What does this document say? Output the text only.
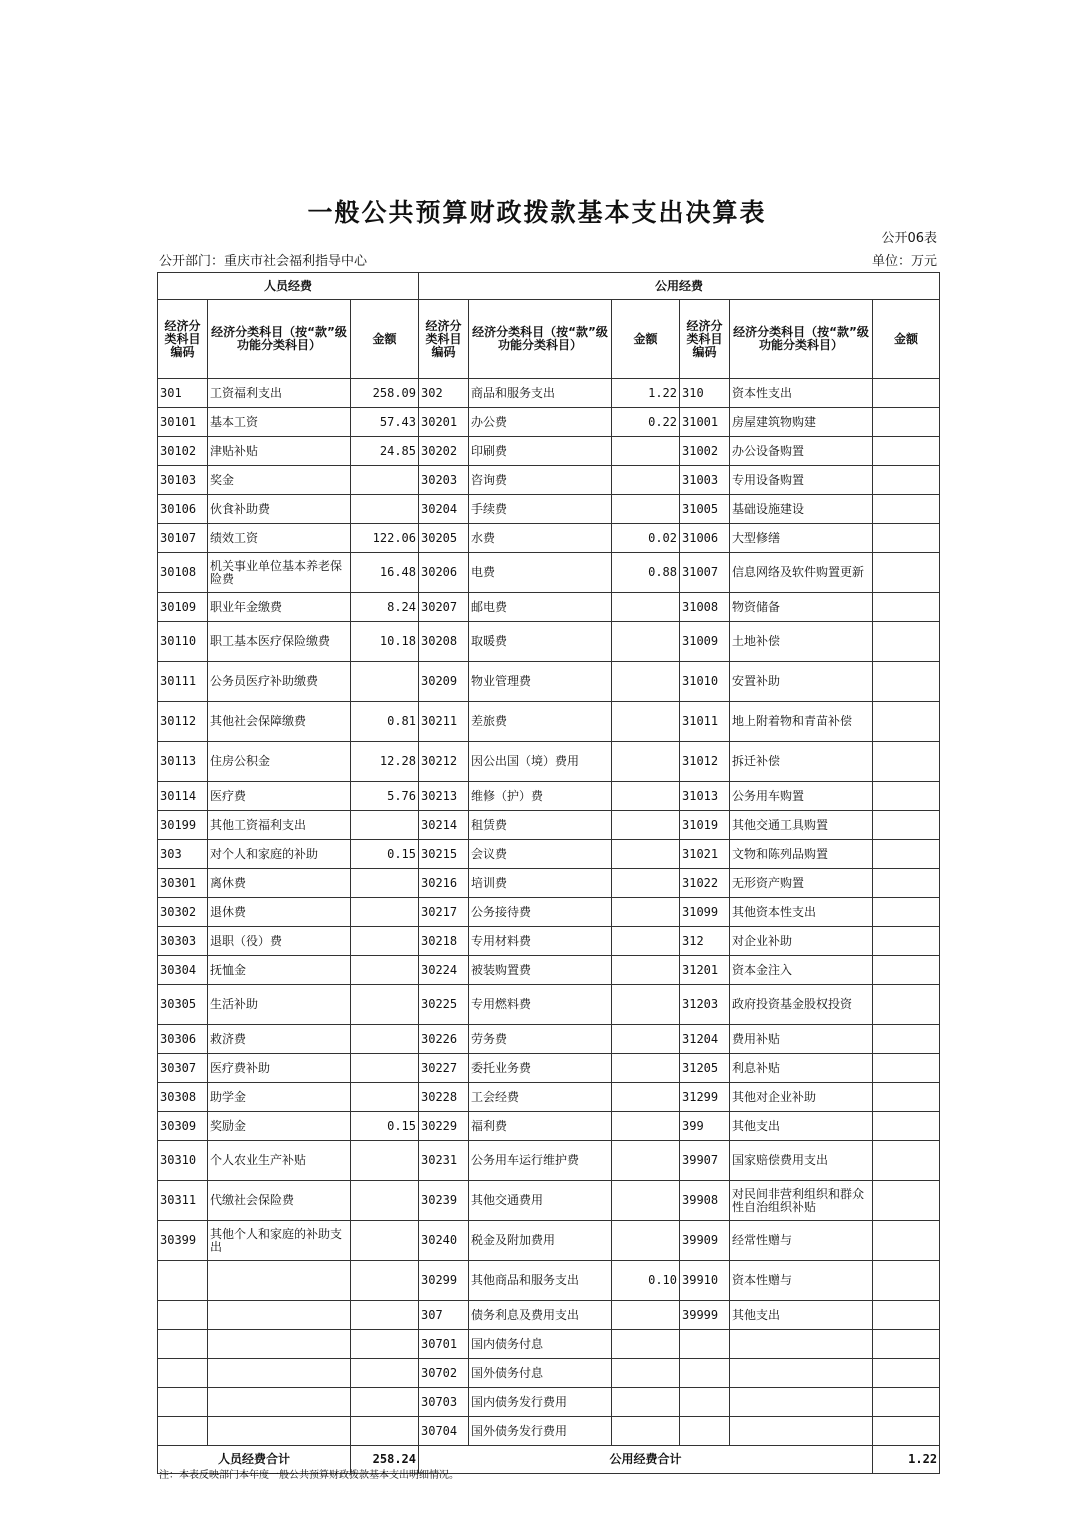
一般公共预算财政拨款基本支出决算表
公开06表
公开部门：重庆市社会福利指导中心	单位：万元
人员经费			公用经费					
经济分类科目编码	经济分类科目（按“款”级功能分类科目）	金额	经济分类科目编码	经济分类科目（按“款”级功能分类科目）	金额	经济分类科目编码	经济分类科目（按“款”级功能分类科目）	金额
301	工资福利支出	258.09	302	商品和服务支出	1.22	310	资本性支出	
30101	基本工资	57.43	30201	办公费	0.22	31001	房屋建筑物购建	
30102	津贴补贴	24.85	30202	印刷费		31002	办公设备购置	
30103	奖金		30203	咨询费		31003	专用设备购置	
30106	伙食补助费		30204	手续费		31005	基础设施建设	
30107	绩效工资	122.06	30205	水费	0.02	31006	大型修缮	
30108	机关事业单位基本养老保险费	16.48	30206	电费	0.88	31007	信息网络及软件购置更新	
30109	职业年金缴费	8.24	30207	邮电费		31008	物资储备	
30110	职工基本医疗保险缴费	10.18	30208	取暖费		31009	土地补偿	
30111	公务员医疗补助缴费		30209	物业管理费		31010	安置补助	
30112	其他社会保障缴费	0.81	30211	差旅费		31011	地上附着物和青苗补偿	
30113	住房公积金	12.28	30212	因公出国（境）费用		31012	拆迁补偿	
30114	医疗费	5.76	30213	维修（护）费		31013	公务用车购置	
30199	其他工资福利支出		30214	租赁费		31019	其他交通工具购置	
303	对个人和家庭的补助	0.15	30215	会议费		31021	文物和陈列品购置	
30301	离休费		30216	培训费		31022	无形资产购置	
30302	退休费		30217	公务接待费		31099	其他资本性支出	
30303	退职（役）费		30218	专用材料费		312	对企业补助	
30304	抚恤金		30224	被装购置费		31201	资本金注入	
30305	生活补助		30225	专用燃料费		31203	政府投资基金股权投资	
30306	救济费		30226	劳务费		31204	费用补贴	
30307	医疗费补助		30227	委托业务费		31205	利息补贴	
30308	助学金		30228	工会经费		31299	其他对企业补助	
30309	奖励金	0.15	30229	福利费		399	其他支出	
30310	个人农业生产补贴		30231	公务用车运行维护费		39907	国家赔偿费用支出	
30311	代缴社会保险费		30239	其他交通费用		39908	对民间非营利组织和群众性自治组织补贴	
30399	其他个人和家庭的补助支出		30240	税金及附加费用		39909	经常性赠与	
			30299	其他商品和服务支出	0.10	39910	资本性赠与	
			307	债务利息及费用支出		39999	其他支出	
			30701	国内债务付息				
			30702	国外债务付息				
			30703	国内债务发行费用				
			30704	国外债务发行费用				
人员经费合计		258.24	公用经费合计					1.22
注：本表反映部门本年度一般公共预算财政拨款基本支出明细情况。
